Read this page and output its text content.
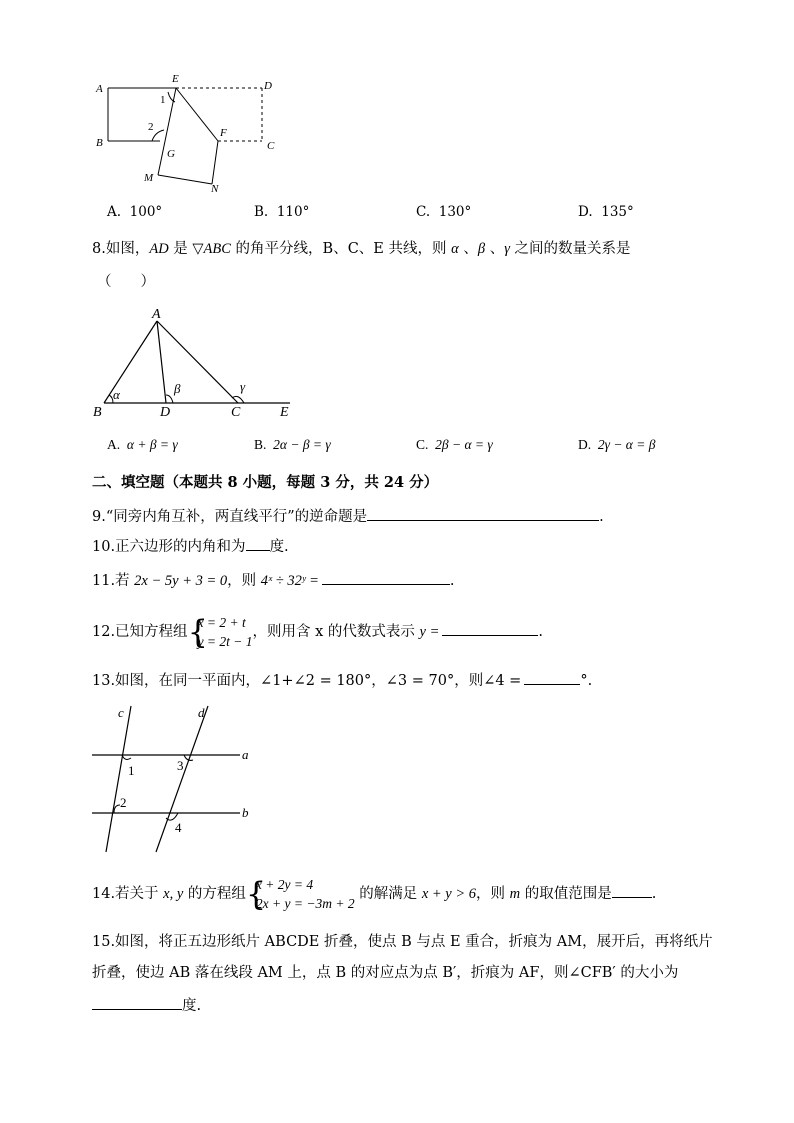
A
B
E
D
F
C
G
M
N
1
2
A. 100°	B. 110°	C. 130°	D. 135°
8.如图，AD 是 ▽ABC 的角平分线，B、C、E 共线，则 α 、β 、γ 之间的数量关系是
（　　）
A
B	D	C	E
α	β	γ
A. α + β = γ	B. 2α − β = γ	C. 2β − α = γ	D. 2γ − α = β
二、填空题（本题共 8 小题，每题 3 分，共 24 分）
9.“同旁内角互补，两直线平行”的逆命题是	.
10.正六边形的内角和为 度.
11.若 2x − 5y + 3 = 0，则 4ˣ ÷ 32ʸ =	.
12.已知方程组 {
x = 2 + t
y = 2t − 1
，则用含 x 的代数式表示 y =	.
13.如图，在同一平面内，∠1+∠2 = 180°，∠3 = 70°，则∠4 =	°.
c	d
a
b
1
2
3
4
14.若关于 x, y 的方程组 {
x + 2y = 4
2x + y = −3m + 2
的解满足 x + y > 6，则 m 的取值范围是	.
15.如图，将正五边形纸片 ABCDE 折叠，使点 B 与点 E 重合，折痕为 AM，展开后，再将纸片
折叠，使边 AB 落在线段 AM 上，点 B 的对应点为点 B′，折痕为 AF，则∠CFB′ 的大小为
度.
